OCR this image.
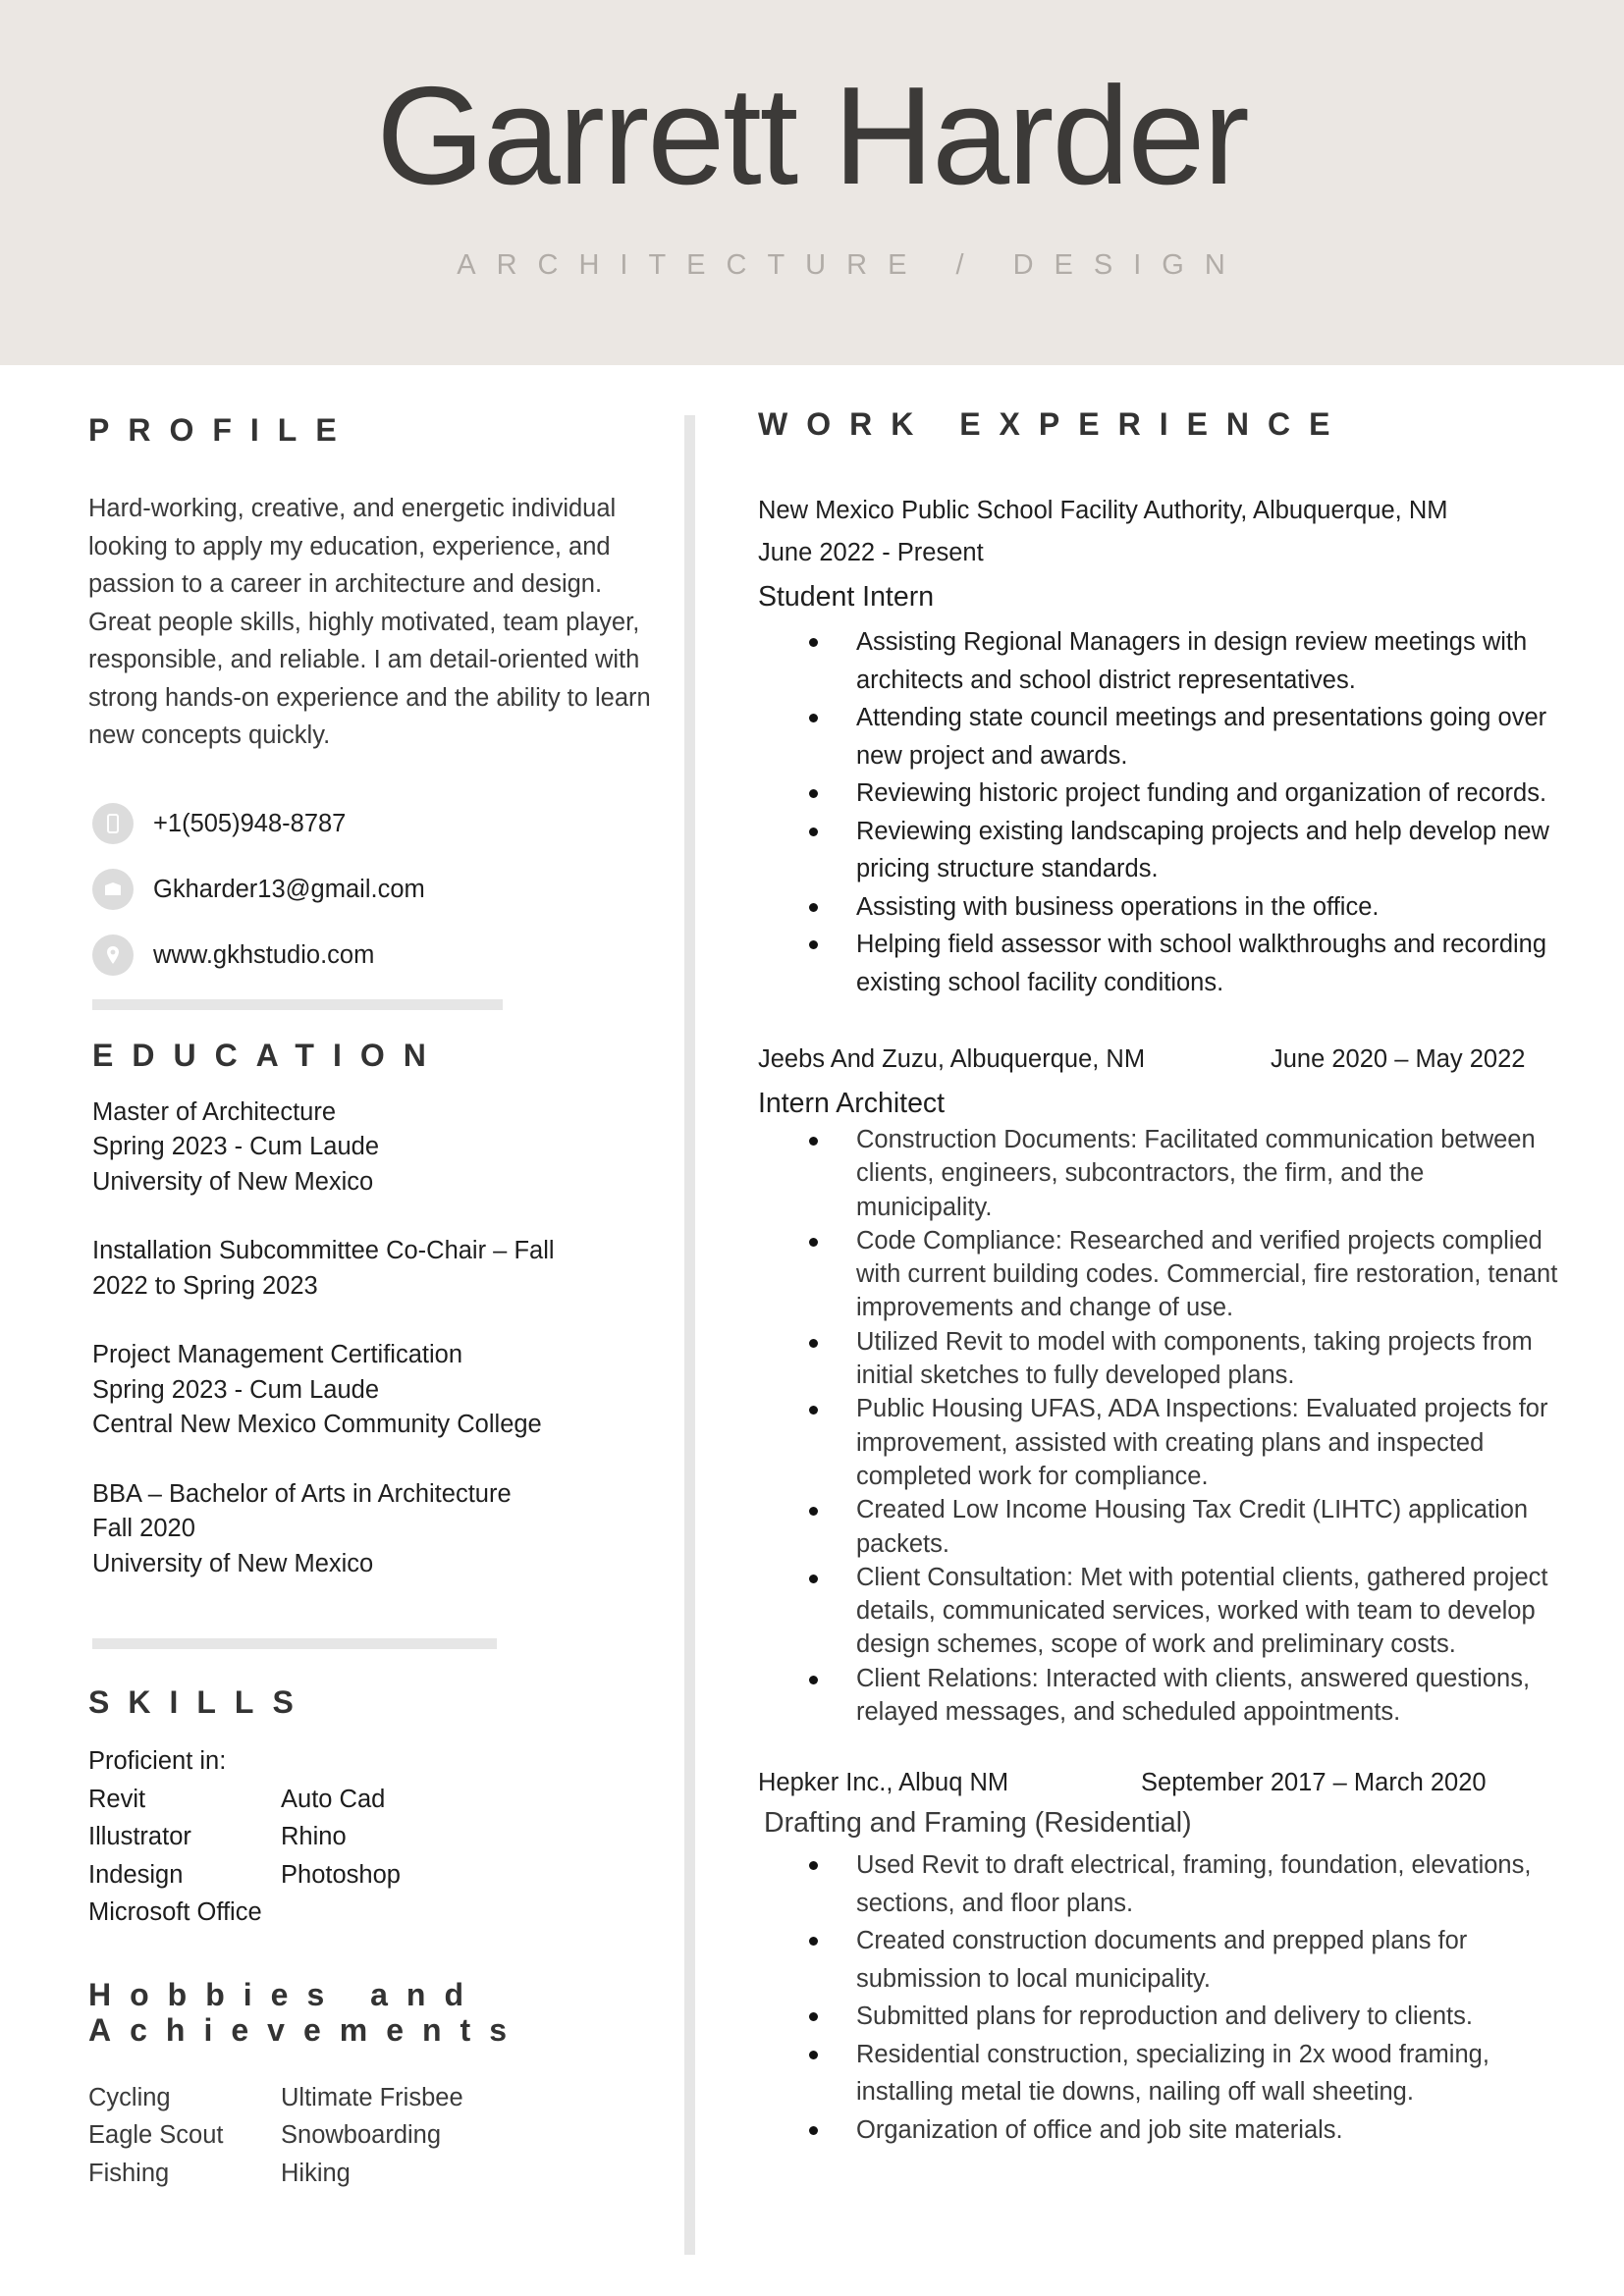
Garrett Harder
ARCHITECTURE / DESIGN
PROFILE
Hard-working, creative, and energetic individual looking to apply my education, experience, and passion to a career in architecture and design. Great people skills, highly motivated, team player, responsible, and reliable. I am detail-oriented with strong hands-on experience and the ability to learn new concepts quickly.
+1(505)948-8787
Gkharder13@gmail.com
www.gkhstudio.com
EDUCATION
Master of Architecture
Spring 2023 - Cum Laude
University of New Mexico
Installation Subcommittee Co-Chair – Fall 2022 to Spring 2023
Project Management Certification
Spring 2023 - Cum Laude
Central New Mexico Community College
BBA – Bachelor of Arts in Architecture
Fall 2020
University of New Mexico
SKILLS
Proficient in:
Revit	Auto Cad
Illustrator	Rhino
Indesign	Photoshop
Microsoft Office
Hobbies and
Achievements
Cycling	Ultimate Frisbee
Eagle Scout	Snowboarding
Fishing	Hiking
WORK EXPERIENCE
New Mexico Public School Facility Authority, Albuquerque, NM
June 2022 - Present
Student Intern
Assisting Regional Managers in design review meetings with architects and school district representatives.
Attending state council meetings and presentations going over new project and awards.
Reviewing historic project funding and organization of records.
Reviewing existing landscaping projects and help develop new pricing structure standards.
Assisting with business operations in the office.
Helping field assessor with school walkthroughs and recording existing school facility conditions.
Jeebs And Zuzu, Albuquerque, NM	June 2020 – May 2022
Intern Architect
Construction Documents: Facilitated communication between clients, engineers, subcontractors, the firm, and the municipality.
Code Compliance: Researched and verified projects complied with current building codes. Commercial, fire restoration, tenant improvements and change of use.
Utilized Revit to model with components, taking projects from initial sketches to fully developed plans.
Public Housing UFAS, ADA Inspections: Evaluated projects for improvement, assisted with creating plans and inspected completed work for compliance.
Created Low Income Housing Tax Credit (LIHTC) application packets.
Client Consultation: Met with potential clients, gathered project details, communicated services, worked with team to develop design schemes, scope of work and preliminary costs.
Client Relations: Interacted with clients, answered questions, relayed messages, and scheduled appointments.
Hepker Inc., Albuq NM	September 2017 – March 2020
Drafting and Framing (Residential)
Used Revit to draft electrical, framing, foundation, elevations, sections, and floor plans.
Created construction documents and prepped plans for submission to local municipality.
Submitted plans for reproduction and delivery to clients.
Residential construction, specializing in 2x wood framing, installing metal tie downs, nailing off wall sheeting.
Organization of office and job site materials.
